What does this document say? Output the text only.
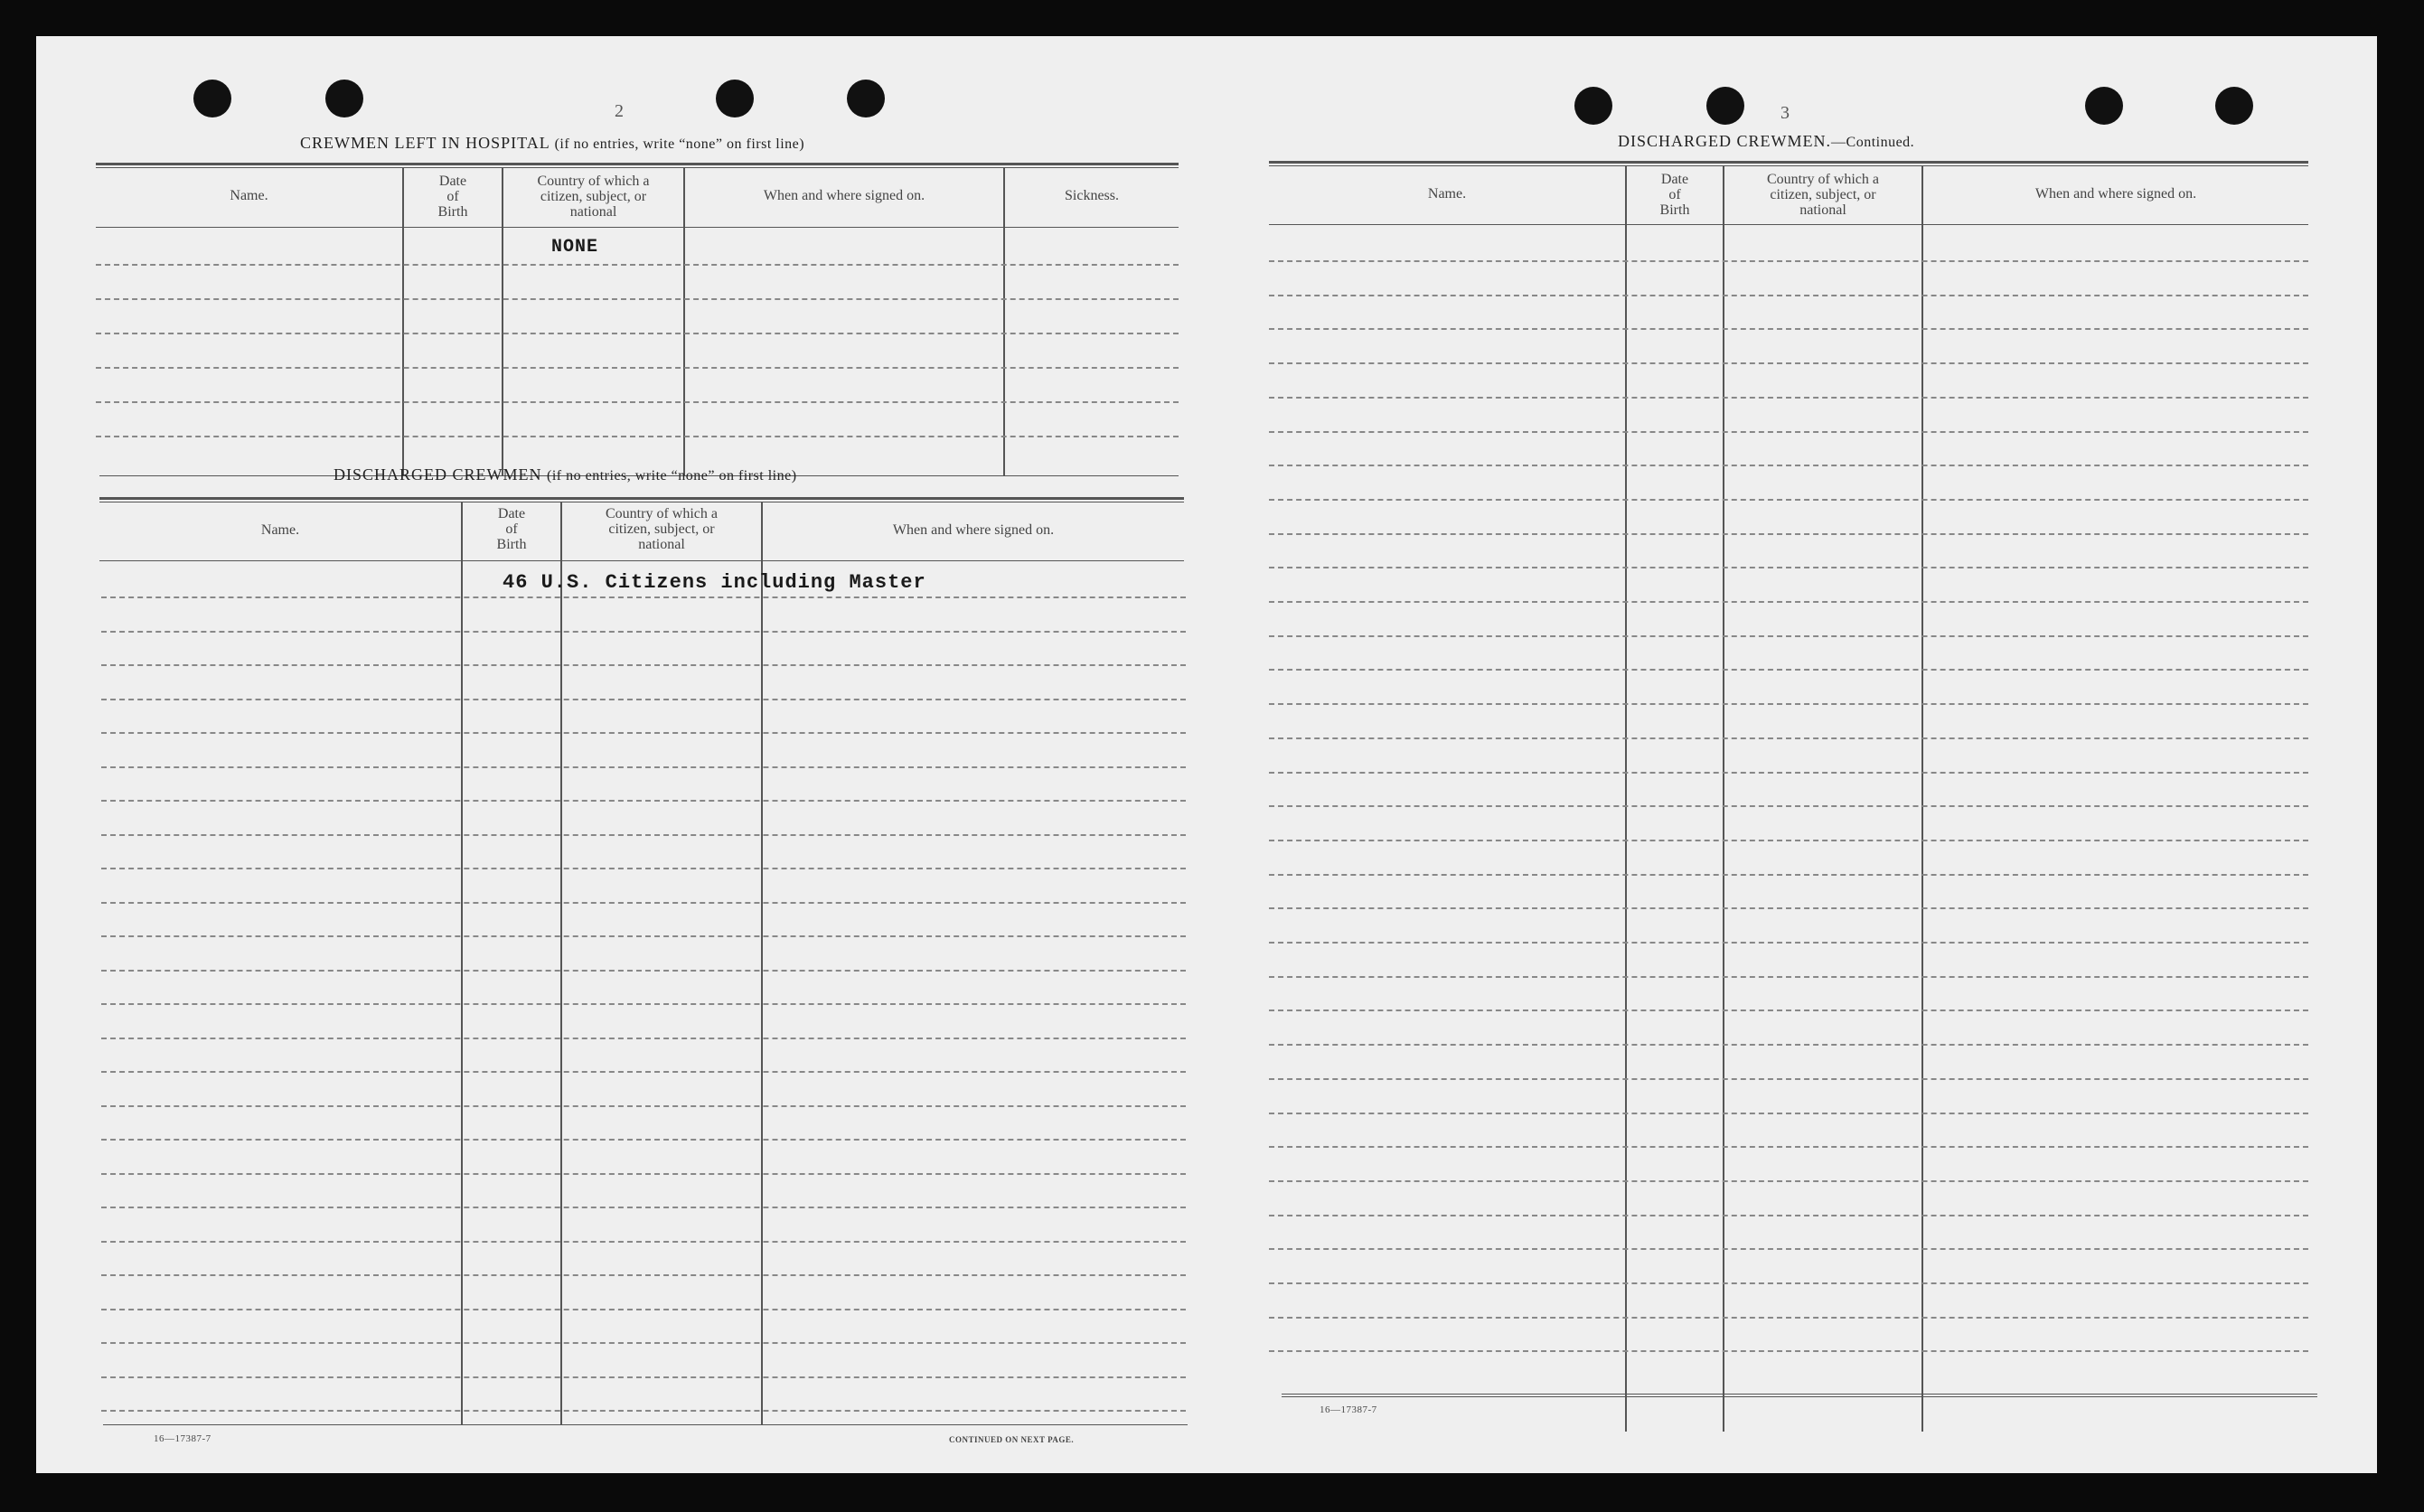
2
CREWMEN LEFT IN HOSPITAL (if no entries, write “none” on first line)
Name.
Date
of
Birth
Country of which a
citizen, subject, or
national
When and where signed on.	Sickness.
NONE
DISCHARGED CREWMEN (if no entries, write “none” on first line)
Name.
Date
of
Birth
Country of which a
citizen, subject, or
national
When and where signed on.
46 U.S. Citizens including Master
16—17387-7	CONTINUED ON NEXT PAGE.
3
DISCHARGED CREWMEN.—Continued.
Name.
Date
of
Birth
Country of which a
citizen, subject, or
national
When and where signed on.
16—17387-7
